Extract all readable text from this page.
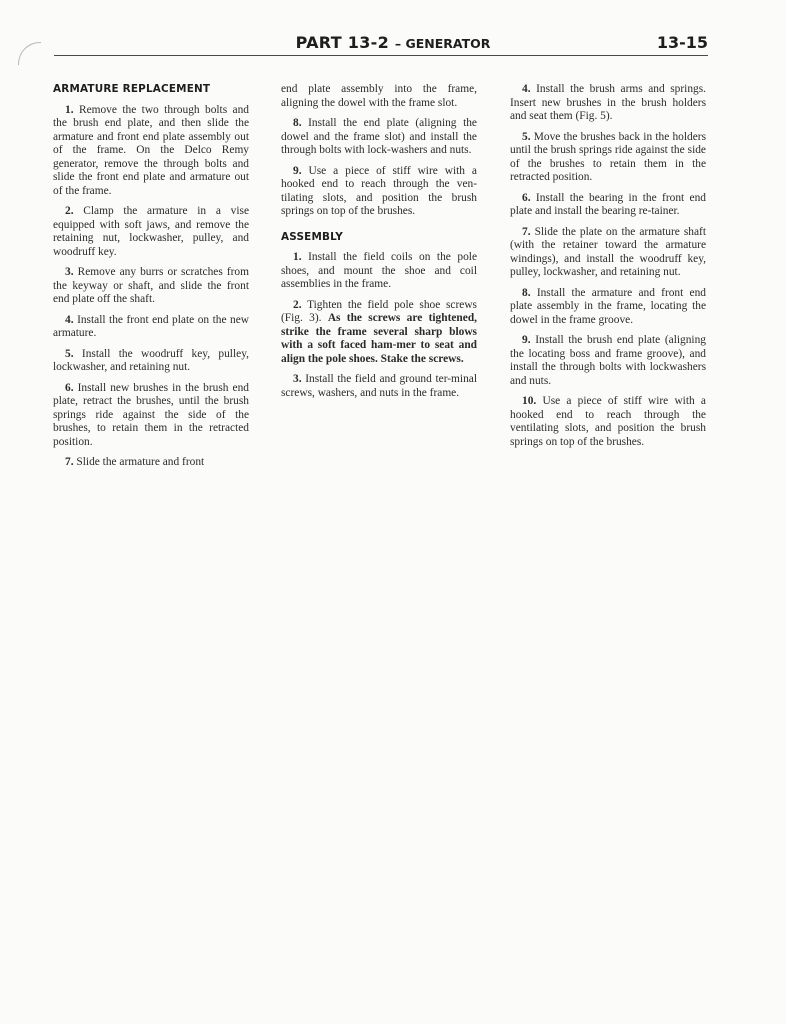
PART 13-2 – GENERATOR	13-15
ARMATURE REPLACEMENT

1. Remove the two through bolts and the brush end plate, and then slide the armature and front end plate assembly out of the frame. On the Delco Remy generator, remove the through bolts and slide the front end plate and armature out of the frame.

2. Clamp the armature in a vise equipped with soft jaws, and remove the retaining nut, lockwasher, pulley, and woodruff key.

3. Remove any burrs or scratches from the keyway or shaft, and slide the front end plate off the shaft.

4. Install the front end plate on the new armature.

5. Install the woodruff key, pulley, lockwasher, and retaining nut.

6. Install new brushes in the brush end plate, retract the brushes, until the brush springs ride against the side of the brushes, to retain them in the retracted position.

7. Slide the armature and front

end plate assembly into the frame, aligning the dowel with the frame slot.

8. Install the end plate (aligning the dowel and the frame slot) and install the through bolts with lock-washers and nuts.

9. Use a piece of stiff wire with a hooked end to reach through the ven-tilating slots, and position the brush springs on top of the brushes.

ASSEMBLY

1. Install the field coils on the pole shoes, and mount the shoe and coil assemblies in the frame.

2. Tighten the field pole shoe screws (Fig. 3). As the screws are tightened, strike the frame several sharp blows with a soft faced ham-mer to seat and align the pole shoes. Stake the screws.

3. Install the field and ground ter-minal screws, washers, and nuts in the frame.

4. Install the brush arms and springs. Insert new brushes in the brush holders and seat them (Fig. 5).

5. Move the brushes back in the holders until the brush springs ride against the side of the brushes to retain them in the retracted position.

6. Install the bearing in the front end plate and install the bearing re-tainer.

7. Slide the plate on the armature shaft (with the retainer toward the armature windings), and install the woodruff key, pulley, lockwasher, and retaining nut.

8. Install the armature and front end plate assembly in the frame, locating the dowel in the frame groove.

9. Install the brush end plate (aligning the locating boss and frame groove), and install the through bolts with lockwashers and nuts.

10. Use a piece of stiff wire with a hooked end to reach through the ventilating slots, and position the brush springs on top of the brushes.
